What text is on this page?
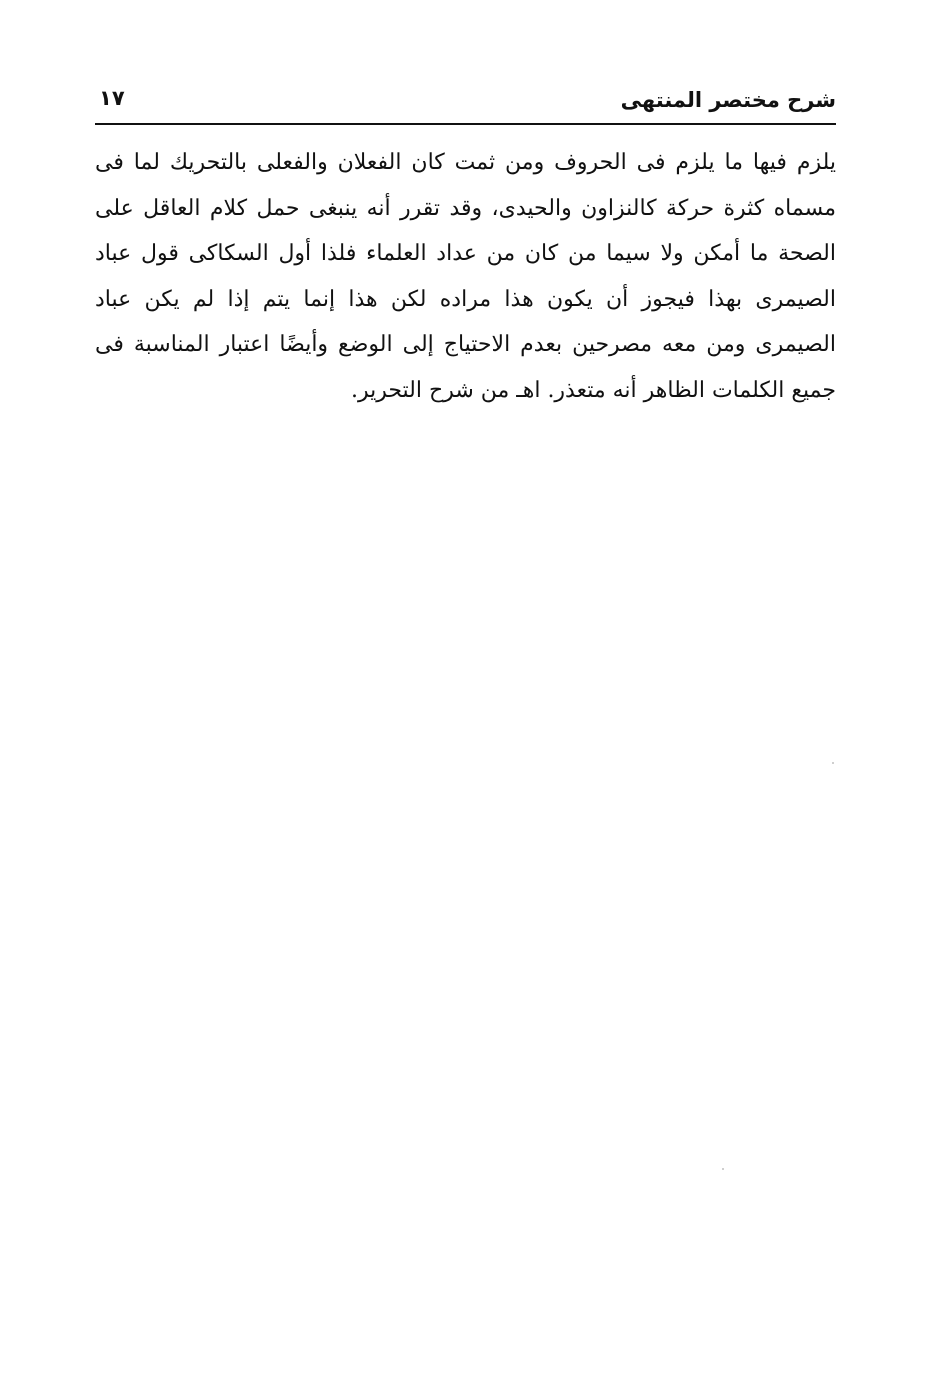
شرح مختصر المنتهى
١٧
يلزم فيها ما يلزم فى الحروف ومن ثمت كان الفعلان والفعلى بالتحريك لما فى
مسماه كثرة حركة كالنزاون والحيدى، وقد تقرر أنه ينبغى حمل كلام العاقل على
الصحة ما أمكن ولا سيما من كان من عداد العلماء فلذا أول السكاكى قول عباد
الصيمرى بهذا فيجوز أن يكون هذا مراده لكن هذا إنما يتم إذا لم يكن عباد
الصيمرى ومن معه مصرحين بعدم الاحتياج إلى الوضع وأيضًا اعتبار المناسبة فى
جميع الكلمات الظاهر أنه متعذر. اهـ من شرح التحرير.
